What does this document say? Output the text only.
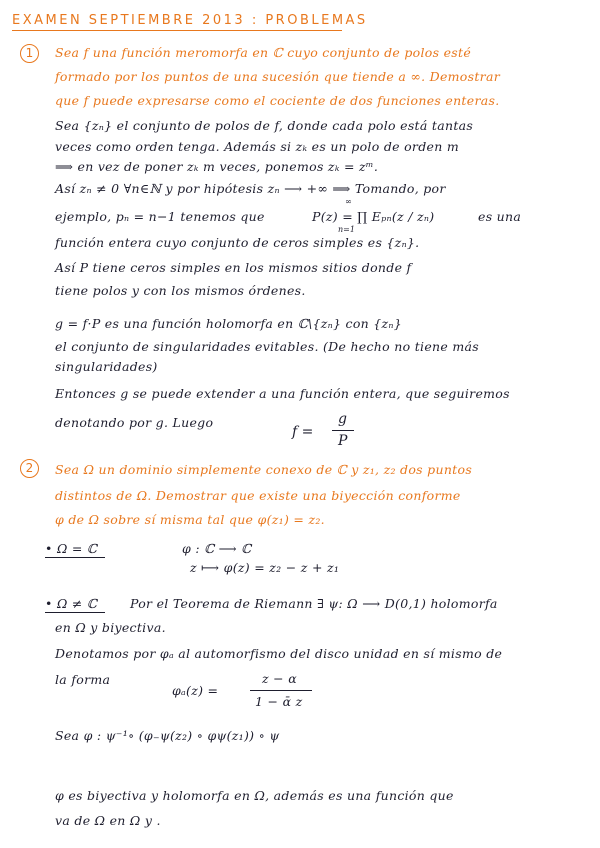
EXAMEN SEPTIEMBRE 2013 : PROBLEMAS
1	Sea f una función meromorfa en ℂ cuyo conjunto de polos esté
formado por los puntos de una sucesión que tiende a ∞. Demostrar
que f puede expresarse como el cociente de dos funciones enteras.
Sea {zₙ} el conjunto de polos de f, donde cada polo está tantas
veces como orden tenga. Además si zₖ es un polo de orden m
⟹ en vez de poner zₖ m veces, ponemos zₖ = zᵐ.
Así zₙ ≠ 0 ∀n∈ℕ y por hipótesis zₙ ⟶ +∞ ⟹ Tomando, por
ejemplo, pₙ = n−1 tenemos que	P(z) = ∏ Eₚₙ(z / zₙ)
∞
n=1
es una
función entera cuyo conjunto de ceros simples es {zₙ}.
Así P tiene ceros simples en los mismos sitios donde f
tiene polos y con los mismos órdenes.
g = f·P es una función holomorfa en ℂ\{zₙ} con {zₙ}
el conjunto de singularidades evitables. (De hecho no tiene más
singularidades)
Entonces g se puede extender a una función entera, que seguiremos
denotando por g. Luego
f =
g
P
2	Sea Ω un dominio simplemente conexo de ℂ y z₁, z₂ dos puntos
distintos de Ω. Demostrar que existe una biyección conforme
φ de Ω sobre sí misma tal que φ(z₁) = z₂.
• Ω = ℂ	φ : ℂ ⟶ ℂ
z ⟼ φ(z) = z₂ − z + z₁
• Ω ≠ ℂ	Por el Teorema de Riemann ∃ ψ: Ω ⟶ D(0,1) holomorfa
en Ω y biyectiva.
Denotamos por φₐ al automorfismo del disco unidad en sí mismo de
la forma
φₐ(z) =
z − α
1 − ᾱ z
Sea φ : ψ⁻¹∘ (φ₋ψ(z₂) ∘ φψ(z₁)) ∘ ψ
φ es biyectiva y holomorfa en Ω, además es una función que
va de Ω en Ω y .
